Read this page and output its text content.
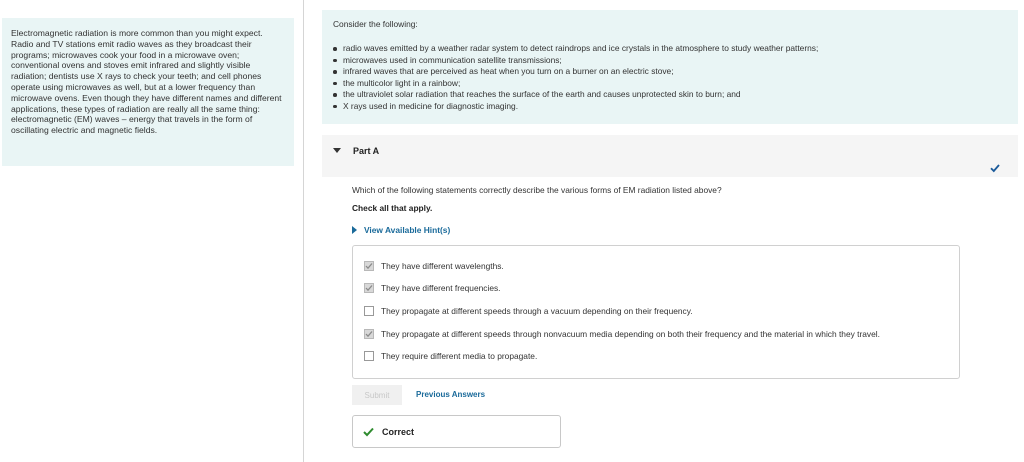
Electromagnetic radiation is more common than you might expect. Radio and TV stations emit radio waves as they broadcast their programs; microwaves cook your food in a microwave oven; conventional ovens and stoves emit infrared and slightly visible radiation; dentists use X rays to check your teeth; and cell phones operate using microwaves as well, but at a lower frequency than microwave ovens. Even though they have different names and different applications, these types of radiation are really all the same thing: electromagnetic (EM) waves – energy that travels in the form of oscillating electric and magnetic fields.

Consider the following:
radio waves emitted by a weather radar system to detect raindrops and ice crystals in the atmosphere to study weather patterns;
microwaves used in communication satellite transmissions;
infrared waves that are perceived as heat when you turn on a burner on an electric stove;
the multicolor light in a rainbow;
the ultraviolet solar radiation that reaches the surface of the earth and causes unprotected skin to burn; and
X rays used in medicine for diagnostic imaging.
Part A
Which of the following statements correctly describe the various forms of EM radiation listed above?
Check all that apply.
View Available Hint(s)
They have different wavelengths.
They have different frequencies.
They propagate at different speeds through a vacuum depending on their frequency.
They propagate at different speeds through nonvacuum media depending on both their frequency and the material in which they travel.
They require different media to propagate.
Submit	Previous Answers
Correct
